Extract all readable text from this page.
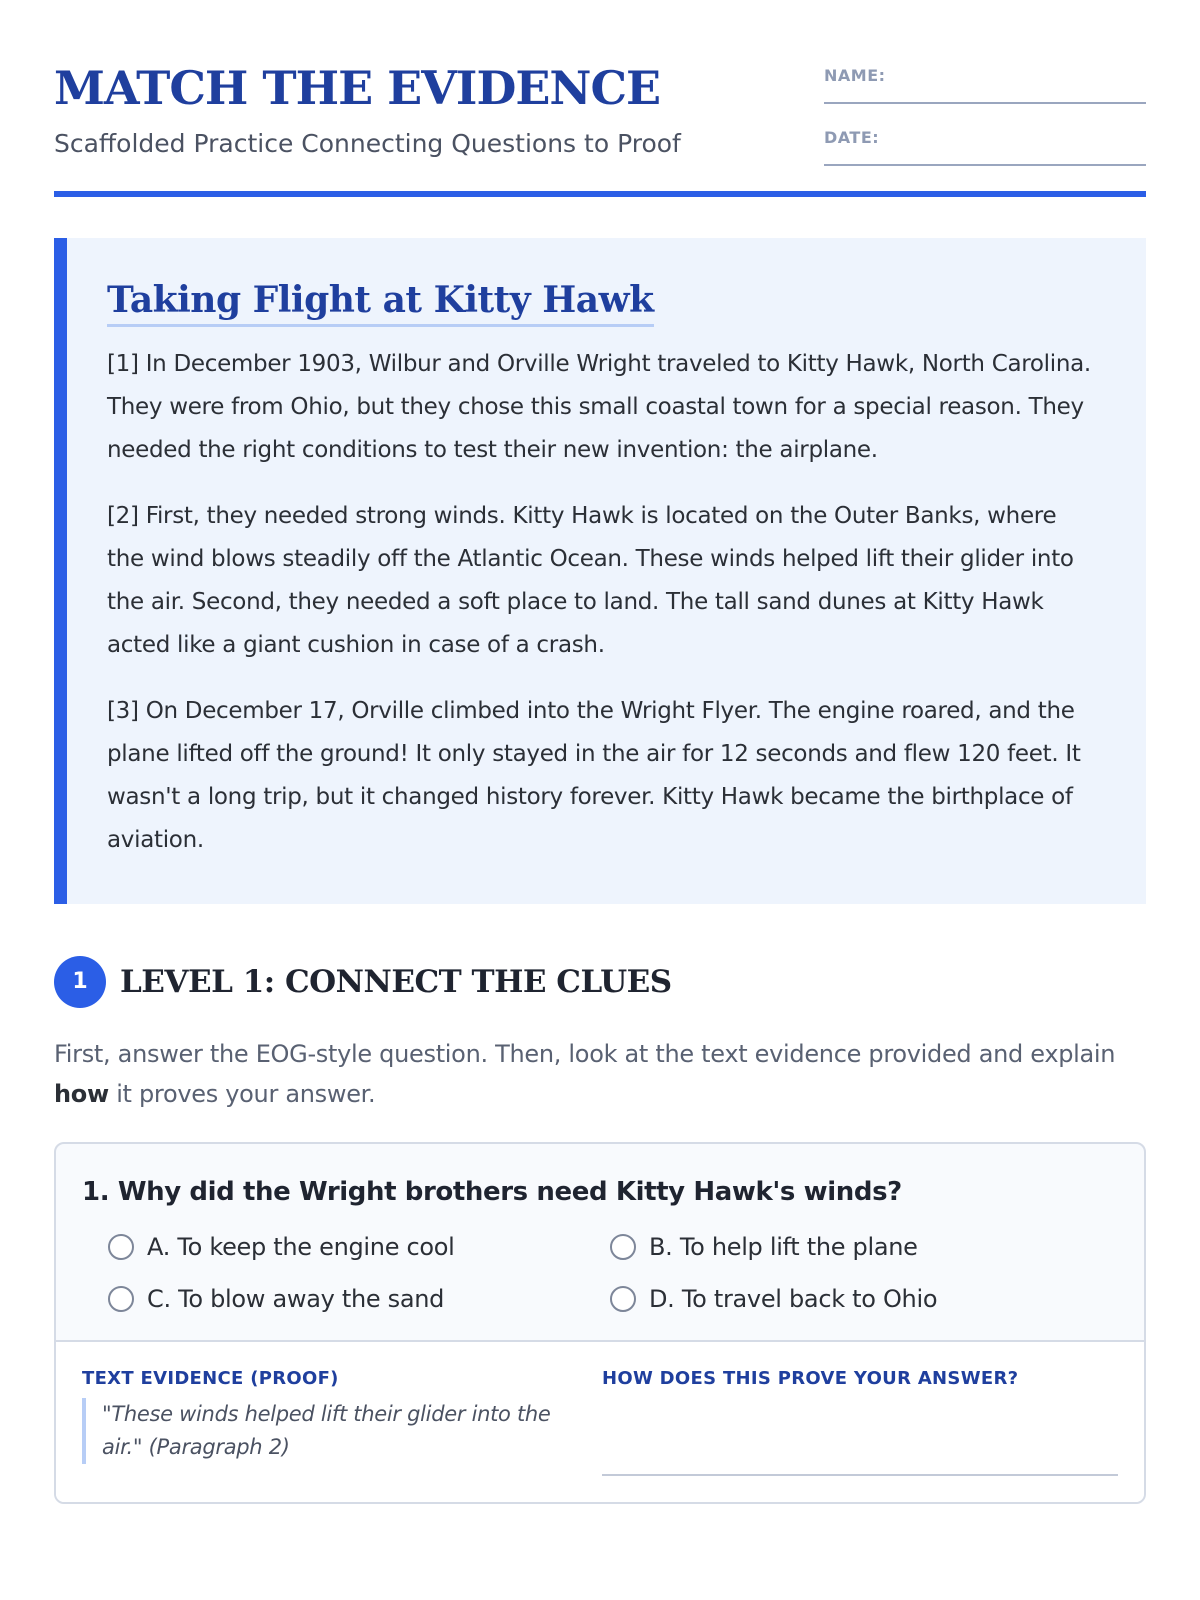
MATCH THE EVIDENCE
Scaffolded Practice Connecting Questions to Proof
NAME:
DATE:
Taking Flight at Kitty Hawk

[1] In December 1903, Wilbur and Orville Wright traveled to Kitty Hawk, North Carolina. They were from Ohio, but they chose this small coastal town for a special reason. They needed the right conditions to test their new invention: the airplane.

[2] First, they needed strong winds. Kitty Hawk is located on the Outer Banks, where the wind blows steadily off the Atlantic Ocean. These winds helped lift their glider into the air. Second, they needed a soft place to land. The tall sand dunes at Kitty Hawk acted like a giant cushion in case of a crash.

[3] On December 17, Orville climbed into the Wright Flyer. The engine roared, and the plane lifted off the ground! It only stayed in the air for 12 seconds and flew 120 feet. It wasn't a long trip, but it changed history forever. Kitty Hawk became the birthplace of aviation.

1	LEVEL 1: CONNECT THE CLUES
First, answer the EOG-style question. Then, look at the text evidence provided and explain how it proves your answer.
1. Why did the Wright brothers need Kitty Hawk's winds?
A. To keep the engine cool	B. To help lift the plane
C. To blow away the sand	D. To travel back to Ohio
TEXT EVIDENCE (PROOF)
"These winds helped lift their glider into the air." (Paragraph 2)
HOW DOES THIS PROVE YOUR ANSWER?
